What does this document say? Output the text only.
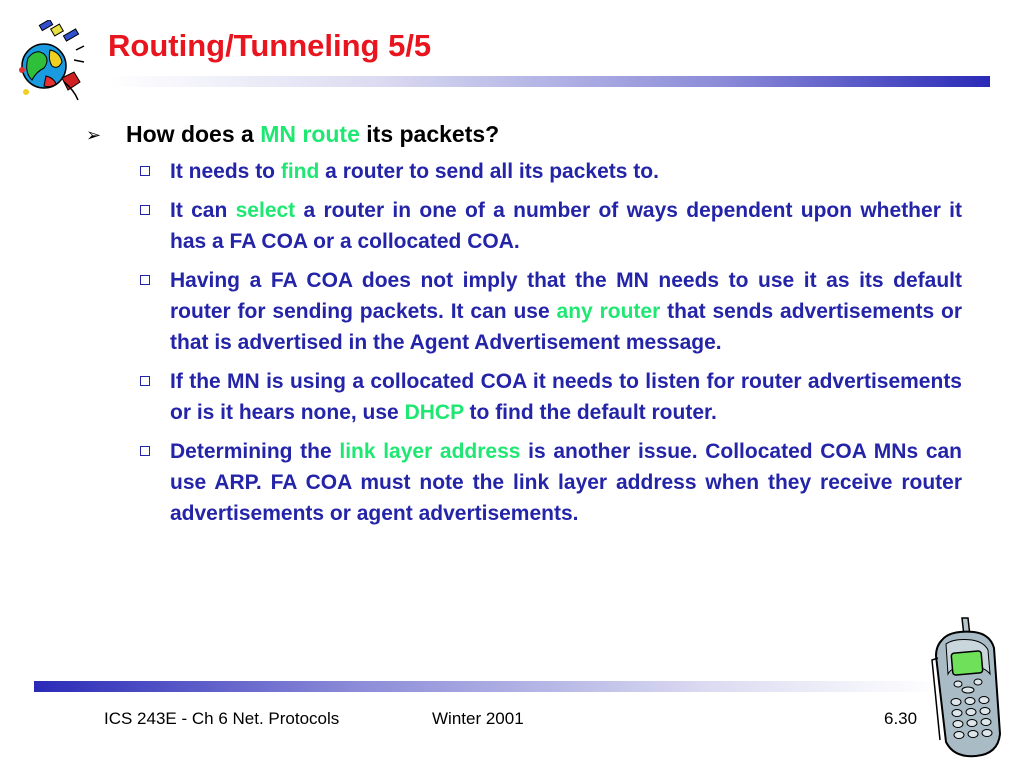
Routing/Tunneling 5/5
➢ How does a MN route its packets?
It needs to find a router to send all its packets to.
It can select a router in one of a number of ways dependent upon whether it has a FA COA or a collocated COA.
Having a FA COA does not imply that the MN needs to use it as its default router for sending packets. It can use any router that sends advertisements or that is advertised in the Agent Advertisement message.
If the MN is using a collocated COA it needs to listen for router advertisements or is it hears none, use DHCP to find the default router.
Determining the link layer address is another issue. Collocated COA MNs can use ARP. FA COA must note the link layer address when they receive router advertisements or agent advertisements.
ICS 243E - Ch 6 Net. Protocols	Winter 2001	6.30
